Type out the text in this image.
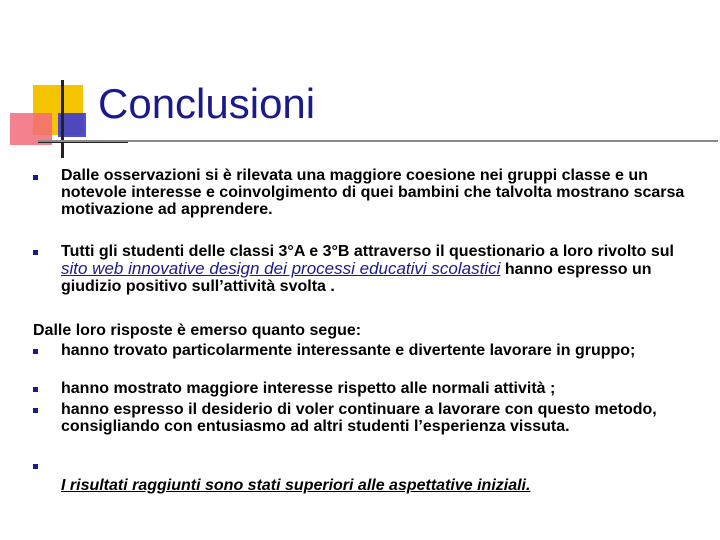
Conclusioni

Dalle osservazioni si è rilevata una maggiore coesione nei gruppi classe e un notevole interesse e coinvolgimento di quei bambini che talvolta mostrano scarsa motivazione ad apprendere.

Tutti gli studenti delle classi 3°A e 3°B attraverso il questionario a loro rivolto sul sito web innovative design dei processi educativi scolastici hanno espresso un giudizio positivo sull’attività svolta .

Dalle loro risposte è emerso quanto segue:

hanno trovato particolarmente interessante e divertente lavorare in gruppo;

hanno mostrato maggiore interesse rispetto alle normali attività ;

hanno espresso il desiderio di voler continuare a lavorare con questo metodo, consigliando con entusiasmo ad altri studenti l’esperienza vissuta.

I risultati raggiunti sono stati superiori alle aspettative iniziali.
